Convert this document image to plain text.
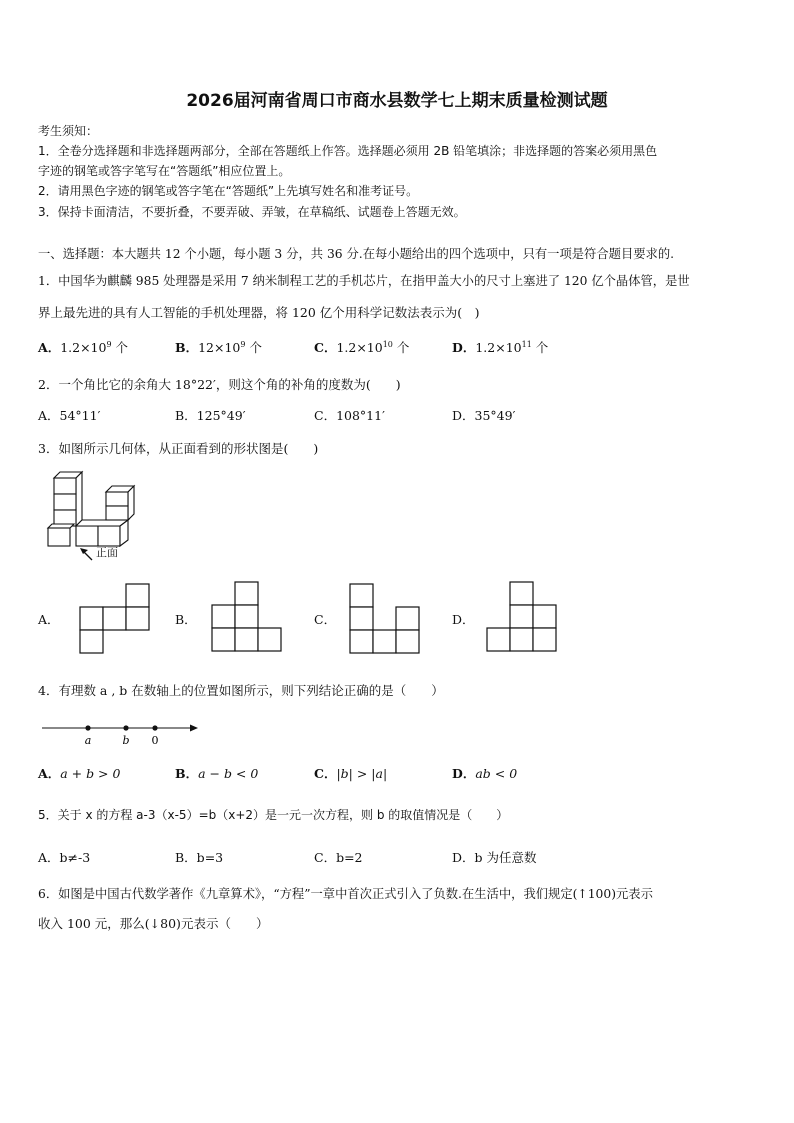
2026届河南省周口市商水县数学七上期末质量检测试题
考生须知：
1．全卷分选择题和非选择题两部分，全部在答题纸上作答。选择题必须用 2B 铅笔填涂；非选择题的答案必须用黑色
字迹的钢笔或答字笔写在“答题纸”相应位置上。
2．请用黑色字迹的钢笔或答字笔在“答题纸”上先填写姓名和准考证号。
3．保持卡面清洁，不要折叠，不要弄破、弄皱，在草稿纸、试题卷上答题无效。
一、选择题：本大题共 12 个小题，每小题 3 分，共 36 分.在每小题给出的四个选项中，只有一项是符合题目要求的.
1．中国华为麒麟 985 处理器是采用 7 纳米制程工艺的手机芯片，在指甲盖大小的尺寸上塞进了 120 亿个晶体管，是世
界上最先进的具有人工智能的手机处理器，将 120 亿个用科学记数法表示为(　)
A．$1.2\times 10^9$ 个	B．$12\times 10^9$ 个	C．$1.2\times 10^{10}$ 个	D．$1.2\times 10^{11}$ 个
2．一个角比它的余角大 18°22′，则这个角的补角的度数为(　　)
A．54°11′	B．125°49′	C．108°11′	D．35°49′
3．如图所示几何体，从正面看到的形状图是(　　)
正面
A．	B．	C．	D．
4．有理数 a , b 在数轴上的位置如图所示，则下列结论正确的是（　　）
a	b 0
A．a + b > 0	B．a − b < 0	C．|b| > |a|	D．ab < 0
5．关于 x 的方程 a-3（x-5）=b（x+2）是一元一次方程，则 b 的取值情况是（　　）
A．b≠-3	B．b=3	C．b=2	D．b 为任意数
6．如图是中国古代数学著作《九章算术》，“方程”一章中首次正式引入了负数.在生活中，我们规定(↑100)元表示
收入 100 元，那么(↓80)元表示（　　）
